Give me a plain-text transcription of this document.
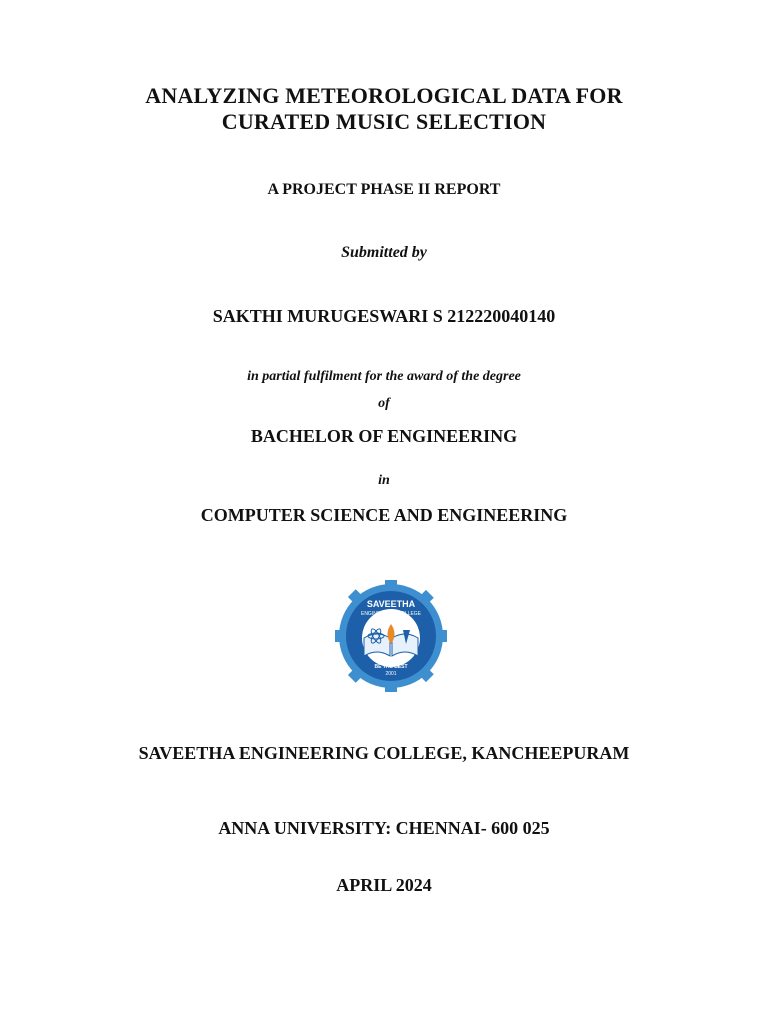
ANALYZING METEOROLOGICAL DATA FOR
CURATED MUSIC SELECTION
A PROJECT PHASE II REPORT
Submitted by
SAKTHI MURUGESWARI S 212220040140
in partial fulfilment for the award of the degree
of
BACHELOR OF ENGINEERING
in
COMPUTER SCIENCE AND ENGINEERING
SAVEETHA
ENGINEERING COLLEGE
BE THE BEST
2001
SAVEETHA ENGINEERING COLLEGE, KANCHEEPURAM
ANNA UNIVERSITY: CHENNAI- 600 025
APRIL 2024
